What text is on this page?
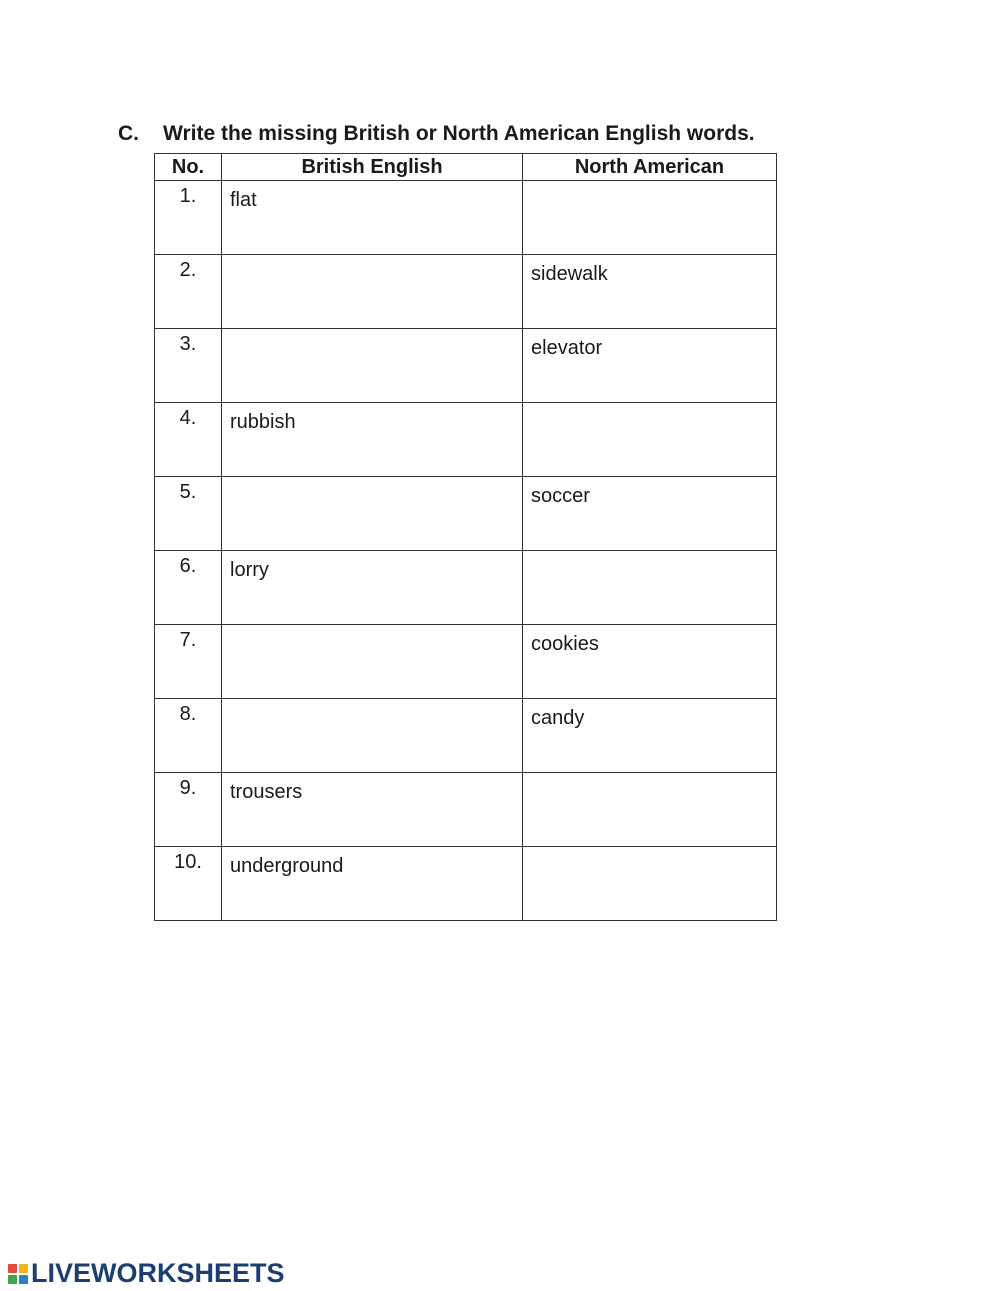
C. Write the missing British or North American English words.
No.	British English	North American
1.	flat	
2.		sidewalk
3.		elevator
4.	rubbish	
5.		soccer
6.	lorry	
7.		cookies
8.		candy
9.	trousers	
10.	underground	
LIVEWORKSHEETS
